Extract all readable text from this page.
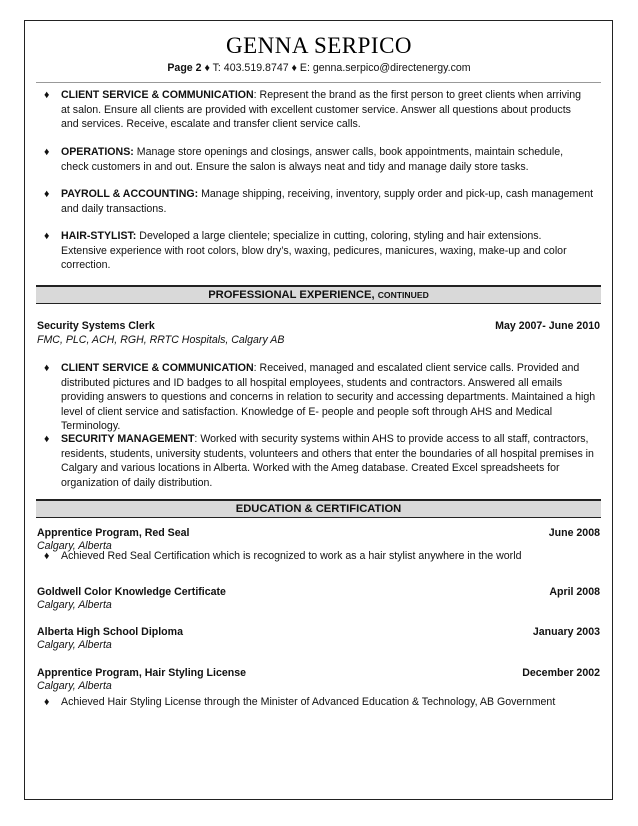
GENNA SERPICO
Page 2 ♦ T: 403.519.8747 ♦ E: genna.serpico@directenergy.com
♦	CLIENT SERVICE & COMMUNICATION: Represent the brand as the first person to greet clients when arriving at salon. Ensure all clients are provided with excellent customer service. Answer all questions about products and services. Receive, escalate and transfer client service calls.
♦	OPERATIONS: Manage store openings and closings, answer calls, book appointments, maintain schedule, check customers in and out. Ensure the salon is always neat and tidy and manage daily store tasks.
♦	PAYROLL & ACCOUNTING: Manage shipping, receiving, inventory, supply order and pick-up, cash management and daily transactions.
♦	HAIR-STYLIST: Developed a large clientele; specialize in cutting, coloring, styling and hair extensions. Extensive experience with root colors, blow dry’s, waxing, pedicures, manicures, waxing, make-up and color correction.
PROFESSIONAL EXPERIENCE, CONTINUED
Security Systems Clerk	May 2007- June 2010
FMC, PLC, ACH, RGH, RRTC Hospitals, Calgary AB
♦	CLIENT SERVICE & COMMUNICATION: Received, managed and escalated client service calls. Provided and distributed pictures and ID badges to all hospital employees, students and contractors. Answered all emails providing answers to questions and concerns in relation to security and accessing departments. Maintained a high level of client service and satisfaction. Knowledge of E- people and people soft through AHS and Medical Terminology.
♦	SECURITY MANAGEMENT: Worked with security systems within AHS to provide access to all staff, contractors, residents, students, university students, volunteers and others that enter the boundaries of all hospital premises in Calgary and various locations in Alberta. Worked with the Ameg database. Created Excel spreadsheets for organization of daily distribution.
EDUCATION & CERTIFICATION
Apprentice Program, Red Seal	June 2008
Calgary, Alberta
♦	Achieved Red Seal Certification which is recognized to work as a hair stylist anywhere in the world
Goldwell Color Knowledge Certificate	April 2008
Calgary, Alberta
Alberta High School Diploma	January 2003
Calgary, Alberta
Apprentice Program, Hair Styling License	December 2002
Calgary, Alberta
♦	Achieved Hair Styling License through the Minister of Advanced Education & Technology, AB Government
